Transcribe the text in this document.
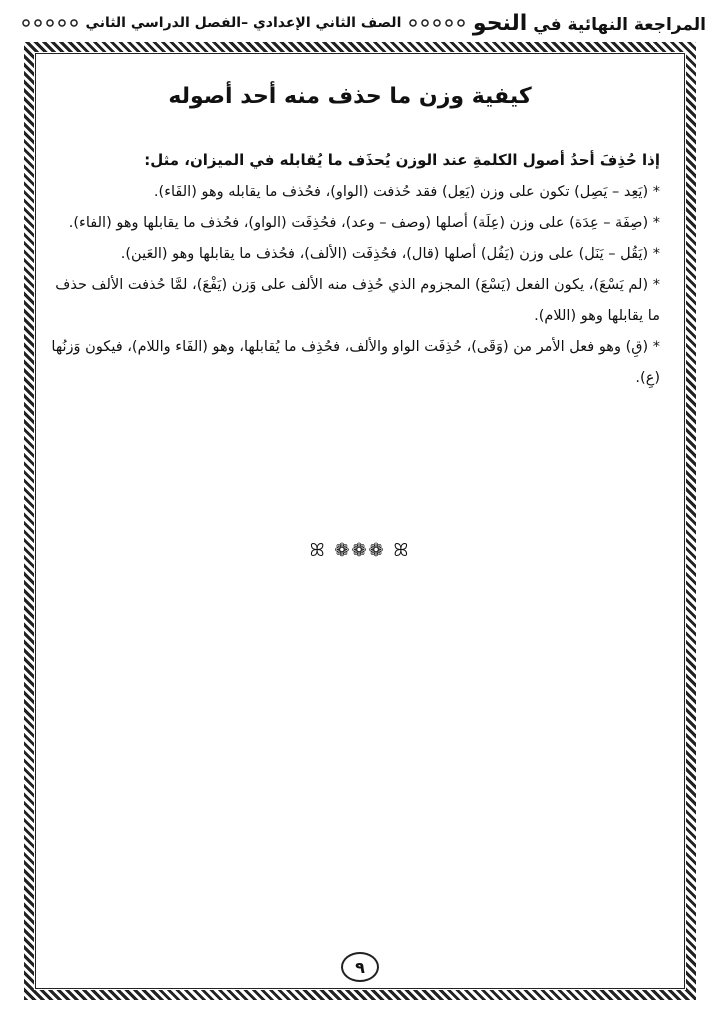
المراجعة النهائية في النحو
الصف الثاني الإعدادي –الفصل الدراسي الثاني
كيفية وزن ما حذف منه أحد أصوله
إذا حُذِفَ أحدُ أصول الكلمةِ عند الوزن يُحذَف ما يُقابله في الميزان، مثل:
* (يَعِد – يَصِل) تكون على وزن (يَعِل) فقد حُذفت (الواو)، فحُذف ما يقابله وهو (الفَاء).
* (صِفَة – عِدَة) على وزن (عِلَة) أصلها (وصف – وعد)، فحُذِفَت (الواو)، فحُذف ما يقابلها وهو (الفاء).
* (يَقُل – يَنَل) على وزن (يَفُل) أصلها (قال)، فحُذِفَت (الألف)، فحُذف ما يقابلها وهو (العَين).
* (لم يَسْعَ)، يكون الفعل (يَسْعَ) المجزوم الذي حُذِف منه الألف على وَزن (يَفْعَ)، لمَّا حُذفت الألف حذف ما يقابلها وهو (اللام).
* (قِ) وهو فعل الأمر من (وَقَى)، حُذِفَت الواو والألف، فحُذِف ما يُقابلها، وهو (الفَاء واللام)، فيكون وَزنُها (عِ).
ꕤ ❁❁❁ ꕤ
٩
